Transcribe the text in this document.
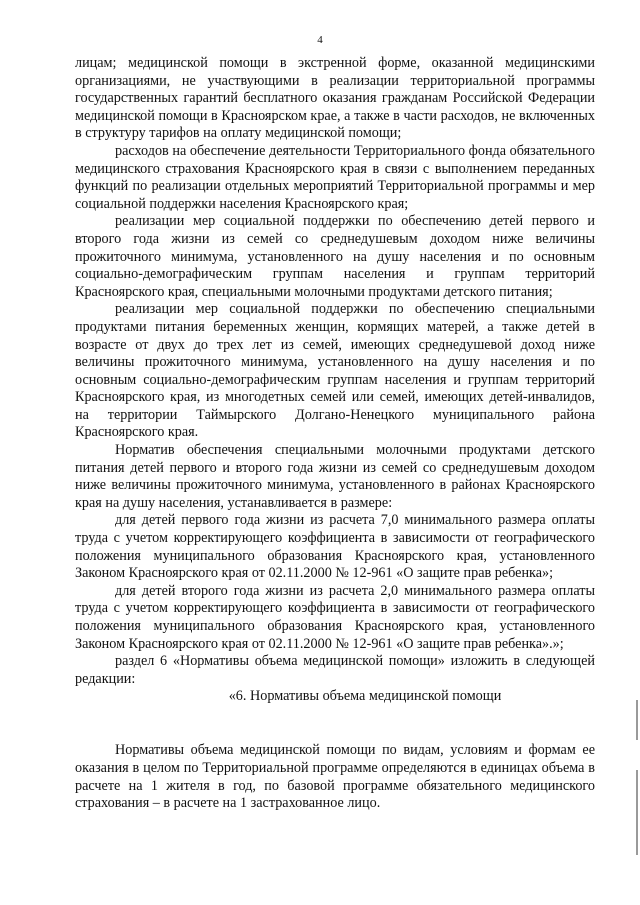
4

лицам; медицинской помощи в экстренной форме, оказанной медицинскими организациями, не участвующими в реализации территориальной программы государственных гарантий бесплатного оказания гражданам Российской Федерации медицинской помощи в Красноярском крае, а также в части расходов, не включенных в структуру тарифов на оплату медицинской помощи;

расходов на обеспечение деятельности Территориального фонда обязательного медицинского страхования Красноярского края в связи с выполнением переданных функций по реализации отдельных мероприятий Территориальной программы и мер социальной поддержки населения Красноярского края;

реализации мер социальной поддержки по обеспечению детей первого и второго года жизни из семей со среднедушевым доходом ниже величины прожиточного минимума, установленного на душу населения и по основным социально-демографическим группам населения и группам территорий Красноярского края, специальными молочными продуктами детского питания;

реализации мер социальной поддержки по обеспечению специальными продуктами питания беременных женщин, кормящих матерей, а также детей в возрасте от двух до трех лет из семей, имеющих среднедушевой доход ниже величины прожиточного минимума, установленного на душу населения и по основным социально-демографическим группам населения и группам территорий Красноярского края, из многодетных семей или семей, имеющих детей-инвалидов, на территории Таймырского Долгано-Ненецкого муниципального района Красноярского края.

Норматив обеспечения специальными молочными продуктами детского питания детей первого и второго года жизни из семей со среднедушевым доходом ниже величины прожиточного минимума, установленного в районах Красноярского края на душу населения, устанавливается в размере:

для детей первого года жизни из расчета 7,0 минимального размера оплаты труда с учетом корректирующего коэффициента в зависимости от географического положения муниципального образования Красноярского края, установленного Законом Красноярского края от 02.11.2000 № 12-961 «О защите прав ребенка»;

для детей второго года жизни из расчета 2,0 минимального размера оплаты труда с учетом корректирующего коэффициента в зависимости от географического положения муниципального образования Красноярского края, установленного Законом Красноярского края от 02.11.2000 № 12-961 «О защите прав ребенка».»;

раздел 6 «Нормативы объема медицинской помощи» изложить в следующей редакции:

«6. Нормативы объема медицинской помощи

Нормативы объема медицинской помощи по видам, условиям и формам ее оказания в целом по Территориальной программе определяются в единицах объема в расчете на 1 жителя в год, по базовой программе обязательного медицинского страхования – в расчете на 1 застрахованное лицо.
